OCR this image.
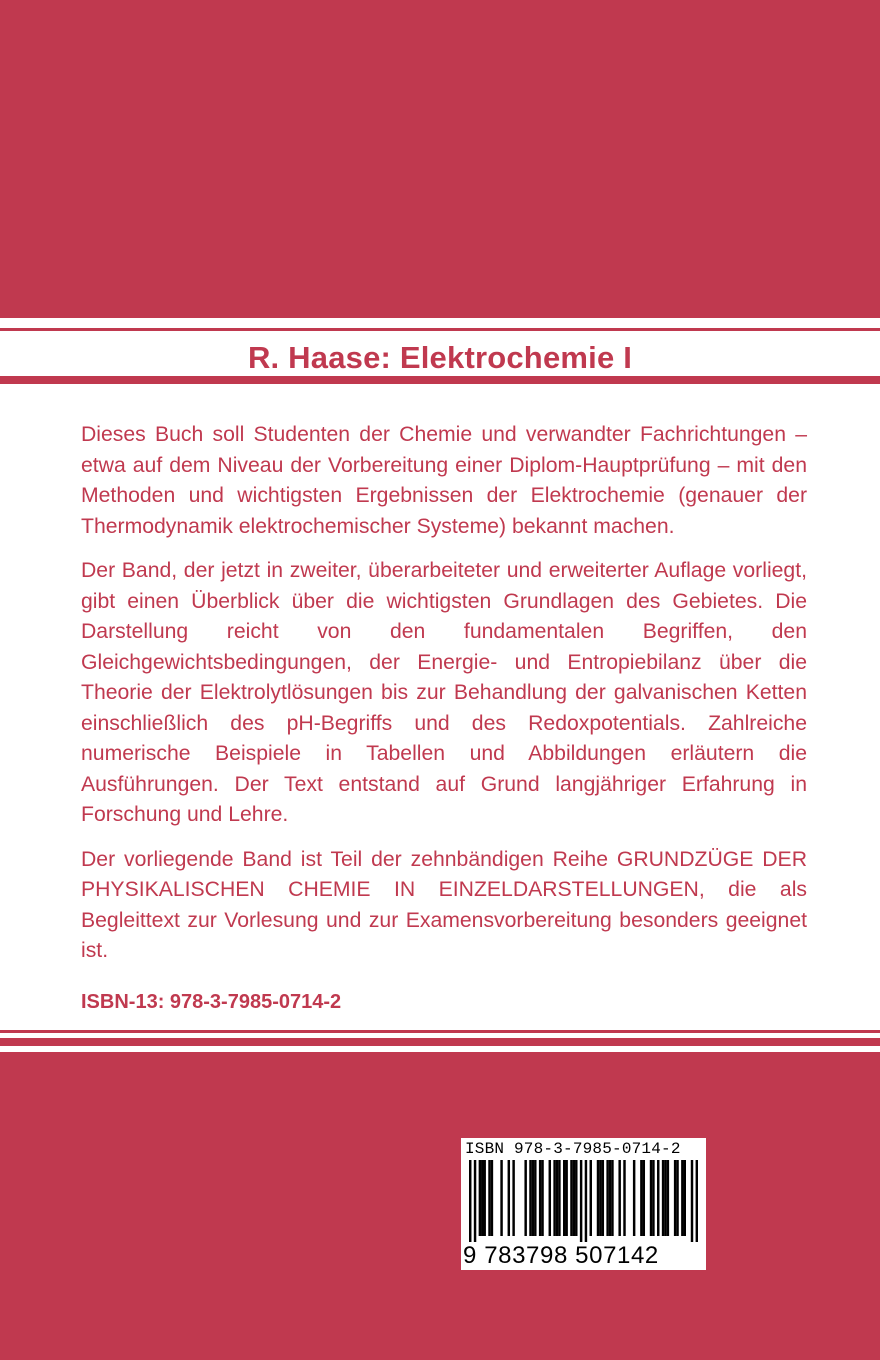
R. Haase: Elektrochemie I

Dieses Buch soll Studenten der Chemie und verwandter Fachrichtungen – etwa auf dem Niveau der Vorbereitung einer Diplom-Hauptprüfung – mit den Methoden und wichtigsten Ergebnissen der Elektrochemie (genauer der Thermodynamik elektrochemischer Systeme) bekannt machen.

Der Band, der jetzt in zweiter, überarbeiteter und erweiterter Auflage vorliegt, gibt einen Überblick über die wichtigsten Grundlagen des Gebietes. Die Darstellung reicht von den fundamentalen Begriffen, den Gleichgewichtsbedingungen, der Energie- und Entropiebilanz über die Theorie der Elektrolytlösungen bis zur Behandlung der galvanischen Ketten einschließlich des pH-Begriffs und des Redoxpotentials. Zahlreiche numerische Beispiele in Tabellen und Abbildungen erläutern die Ausführungen. Der Text entstand auf Grund langjähriger Erfahrung in Forschung und Lehre.

Der vorliegende Band ist Teil der zehnbändigen Reihe GRUNDZÜGE DER PHYSIKALISCHEN CHEMIE IN EINZELDARSTELLUNGEN, die als Begleittext zur Vorlesung und zur Examensvorbereitung besonders geeignet ist.

ISBN-13: 978-3-7985-0714-2
ISBN 978-3-7985-0714-2
9 783798 507142
